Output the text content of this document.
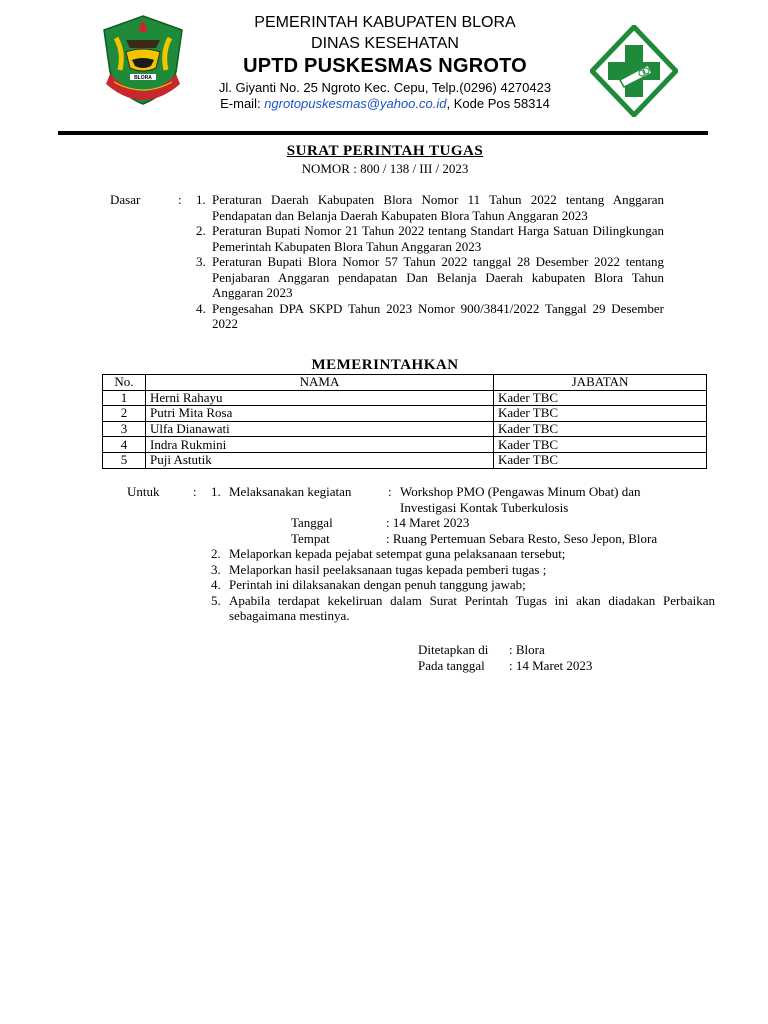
BLORA
PEMERINTAH KABUPATEN BLORA
DINAS KESEHATAN
UPTD PUSKESMAS NGROTO
Jl. Giyanti No. 25 Ngroto Kec. Cepu, Telp.(0296) 4270423
E-mail: ngrotopuskesmas@yahoo.co.id, Kode Pos 58314
SURAT PERINTAH TUGAS
NOMOR : 800 / 138 / III / 2023
Dasar	: 1. Peraturan Daerah Kabupaten Blora Nomor 11 Tahun 2022 tentang Anggaran Pendapatan dan Belanja Daerah Kabupaten Blora Tahun Anggaran 2023
2. Peraturan Bupati Nomor 21 Tahun 2022 tentang Standart Harga Satuan Dilingkungan Pemerintah Kabupaten Blora Tahun Anggaran 2023
3. Peraturan Bupati Blora Nomor 57 Tahun 2022 tanggal 28 Desember 2022 tentang Penjabaran Anggaran pendapatan Dan Belanja Daerah kabupaten Blora Tahun Anggaran 2023
4. Pengesahan DPA SKPD Tahun 2023 Nomor 900/3841/2022 Tanggal 29 Desember 2022
MEMERINTAHKAN
No.	NAMA	JABATAN
1	Herni Rahayu	Kader TBC
2	Putri Mita Rosa	Kader TBC
3	Ulfa Dianawati	Kader TBC
4	Indra Rukmini	Kader TBC
5	Puji Astutik	Kader TBC
Untuk	: 1. Melaksanakan kegiatan	: Workshop PMO (Pengawas Minum Obat) dan
Investigasi Kontak Tuberkulosis
Tanggal	: 14 Maret 2023
Tempat	: Ruang Pertemuan Sebara Resto, Seso Jepon, Blora
2. Melaporkan kepada pejabat setempat guna pelaksanaan tersebut;
3. Melaporkan hasil peelaksanaan tugas kepada pemberi tugas ;
4. Perintah ini dilaksanakan dengan penuh tanggung jawab;
5. Apabila terdapat kekeliruan dalam Surat Perintah Tugas ini akan diadakan Perbaikan sebagaimana mestinya.
Ditetapkan di	: Blora
Pada tanggal	: 14 Maret 2023
